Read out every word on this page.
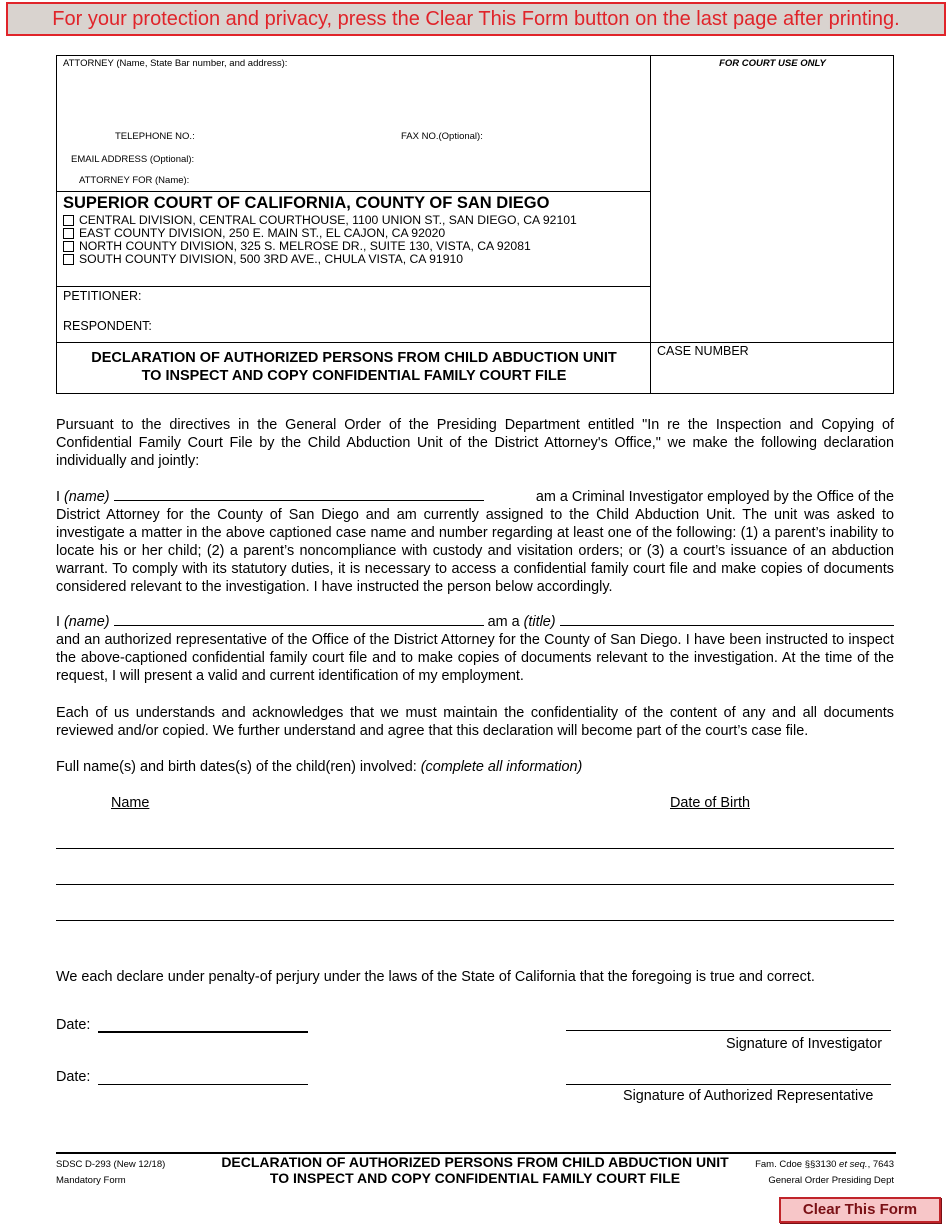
For your protection and privacy, press the Clear This Form button on the last page after printing.
ATTORNEY (Name, State Bar number, and address):
TELEPHONE NO.:	FAX NO.(Optional):
EMAIL ADDRESS (Optional):
ATTORNEY FOR (Name):
SUPERIOR COURT OF CALIFORNIA, COUNTY OF SAN DIEGO
CENTRAL DIVISION, CENTRAL COURTHOUSE, 1100 UNION ST., SAN DIEGO, CA 92101
EAST COUNTY DIVISION, 250 E. MAIN ST., EL CAJON, CA 92020
NORTH COUNTY DIVISION, 325 S. MELROSE DR., SUITE 130, VISTA, CA 92081
SOUTH COUNTY DIVISION, 500 3RD AVE., CHULA VISTA, CA 91910
PETITIONER:
RESPONDENT:
DECLARATION OF AUTHORIZED PERSONS FROM CHILD ABDUCTION UNIT
TO INSPECT AND COPY CONFIDENTIAL FAMILY COURT FILE
FOR COURT USE ONLY
CASE NUMBER
Pursuant to the directives in the General Order of the Presiding Department entitled "In re the Inspection and Copying of Confidential Family Court File by the Child Abduction Unit of the District Attorney's Office," we make the following declaration individually and jointly:
I (name)	am a Criminal Investigator employed by the Office of the
District Attorney for the County of San Diego and am currently assigned to the Child Abduction Unit. The unit was asked to investigate a matter in the above captioned case name and number regarding at least one of the following: (1) a parent’s inability to locate his or her child; (2) a parent’s noncompliance with custody and visitation orders; or (3) a court’s issuance of an abduction warrant. To comply with its statutory duties, it is necessary to access a confidential family court file and make copies of documents considered relevant to the investigation. I have instructed the person below accordingly.
I
(name)

	am a
(title)

and an authorized representative of the Office of the District Attorney for the County of San Diego. I have been instructed to inspect the above-captioned confidential family court file and to make copies of documents relevant to the investigation. At the time of the request, I will present a valid and current identification of my employment.
Each of us understands and acknowledges that we must maintain the confidentiality of the content of any and all documents reviewed and/or copied. We further understand and agree that this declaration will become part of the court’s case file.
Full name(s) and birth dates(s) of the child(ren) involved: (complete all information)
Name	Date of Birth
We each declare under penalty-of perjury under the laws of the State of California that the foregoing is true and correct.
Date:
Signature of Investigator
Date:
Signature of Authorized Representative
SDSC D-293 (New 12/18)
Mandatory Form
DECLARATION OF AUTHORIZED PERSONS FROM CHILD ABDUCTION UNIT
TO INSPECT AND COPY CONFIDENTIAL FAMILY COURT FILE
Fam. Cdoe §§3130 et seq., 7643
General Order Presiding Dept
Clear This Form
